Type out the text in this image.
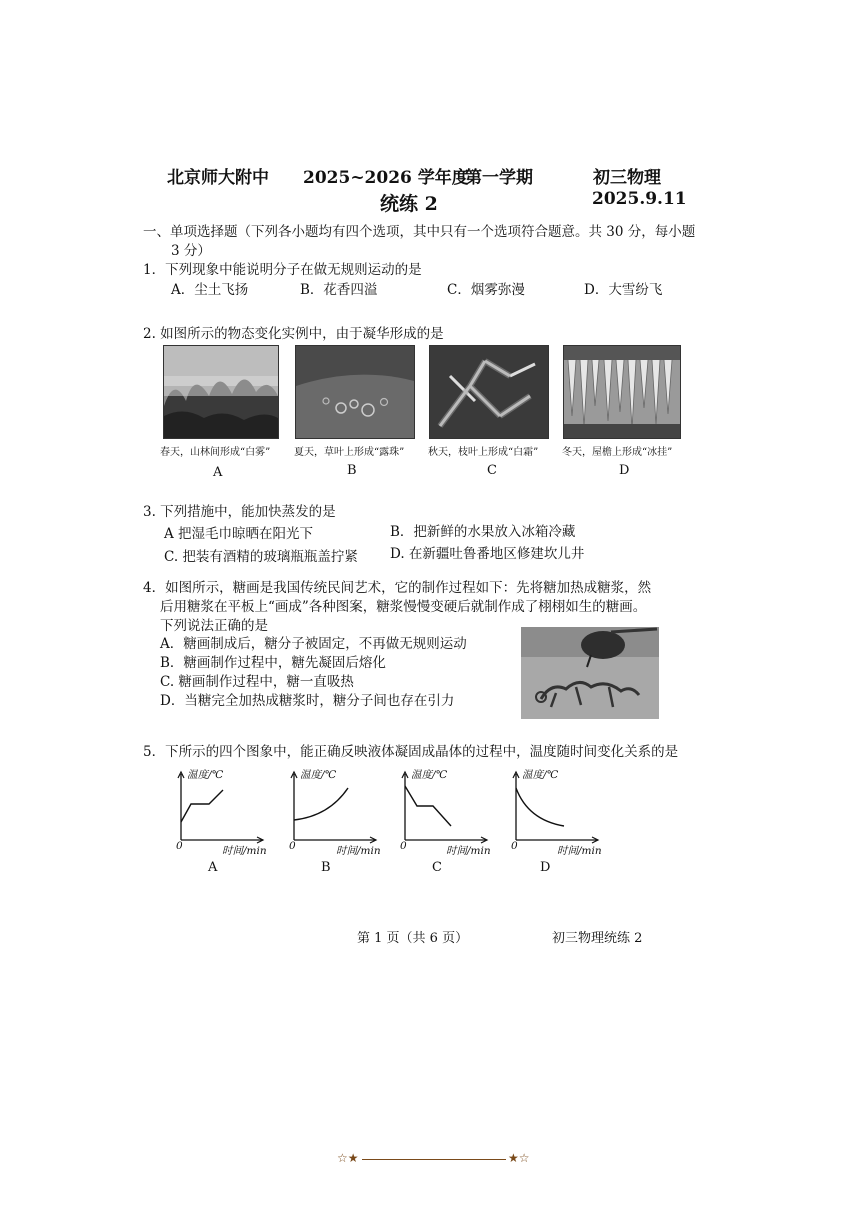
北京师大附中 2025~2026 学年度
第一学期	初三物理
统练 2	2025.9.11
一、单项选择题（下列各小题均有四个选项，其中只有一个选项符合题意。共 30 分，每小题
3 分）
1．下列现象中能说明分子在做无规则运动的是
A．尘土飞扬	B．花香四溢	C．烟雾弥漫	D．大雪纷飞
2. 如图所示的物态变化实例中，由于凝华形成的是
春天，山林间形成“白雾” 夏天，草叶上形成“露珠” 秋天，枝叶上形成“白霜” 冬天，屋檐上形成“冰挂”
A	B	C	D
3. 下列措施中，能加快蒸发的是
A 把湿毛巾晾晒在阳光下	B．把新鲜的水果放入冰箱冷藏
C. 把装有酒精的玻璃瓶瓶盖拧紧 D. 在新疆吐鲁番地区修建坎儿井
4．如图所示，糖画是我国传统民间艺术，它的制作过程如下：先将糖加热成糖浆，然
后用糖浆在平板上“画成”各种图案，糖浆慢慢变硬后就制作成了栩栩如生的糖画。
下列说法正确的是
A．糖画制成后，糖分子被固定，不再做无规则运动
B．糖画制作过程中，糖先凝固后熔化
C. 糖画制作过程中，糖一直吸热
D．当糖完全加热成糖浆时，糖分子间也存在引力
5．下所示的四个图象中，能正确反映液体凝固成晶体的过程中，温度随时间变化关系的是
温度/℃
时间/min
0
A
温度/℃
时间/min
0
B
温度/℃
时间/min
0
C
温度/℃
时间/min
0
D
第 1 页（共 6 页）	初三物理统练 2
☆★	★☆
